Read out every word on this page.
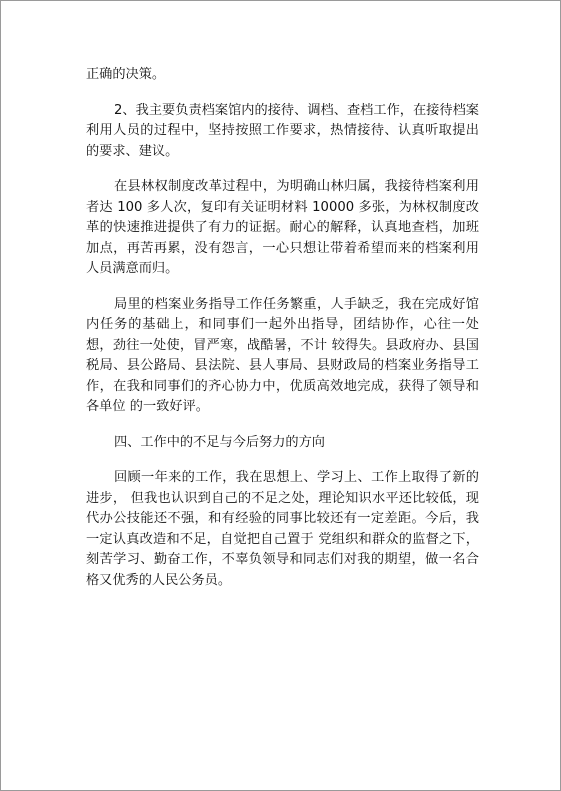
正确的决策。

2、我主要负责档案馆内的接待、调档、查档工作，在接待档案利用人员的过程中，坚持按照工作要求，热情接待、认真听取提出的要求、建议。

在县林权制度改革过程中，为明确山林归属，我接待档案利用者达 100 多人次，复印有关证明材料 10000 多张，为林权制度改革的快速推进提供了有力的证据。耐心的解释，认真地查档，加班加点，再苦再累，没有怨言，一心只想让带着希望而来的档案利用人员满意而归。

局里的档案业务指导工作任务繁重，人手缺乏，我在完成好馆内任务的基础上，和同事们一起外出指导，团结协作，心往一处想，劲往一处使，冒严寒，战酷暑，不计 较得失。县政府办、县国税局、县公路局、县法院、县人事局、县财政局的档案业务指导工作，在我和同事们的齐心协力中，优质高效地完成，获得了领导和各单位 的一致好评。

四、工作中的不足与今后努力的方向

回顾一年来的工作，我在思想上、学习上、工作上取得了新的进步， 但我也认识到自己的不足之处，理论知识水平还比较低，现代办公技能还不强，和有经验的同事比较还有一定差距。今后，我一定认真改造和不足，自觉把自己置于 党组织和群众的监督之下，刻苦学习、勤奋工作，不辜负领导和同志们对我的期望，做一名合格又优秀的人民公务员。
